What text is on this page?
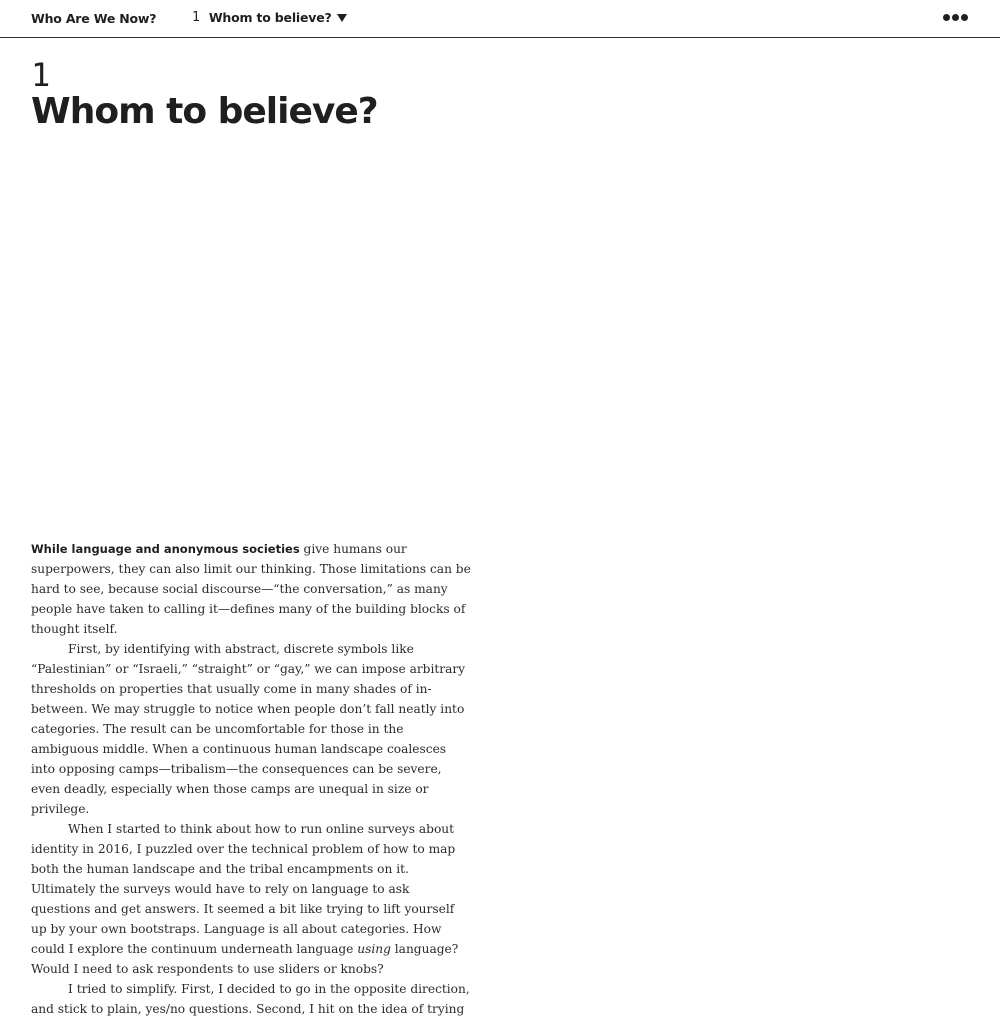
Who Are We Now?	1 Whom to believe?
1
Whom to believe?

While language and anonymous societies give humans our superpowers, they can also limit our thinking. Those limitations can be hard to see, because social discourse—“the conversation,” as many people have taken to calling it—defines many of the building blocks of thought itself.

First, by identifying with abstract, discrete symbols like “Palestinian” or “Israeli,” “straight” or “gay,” we can impose arbitrary thresholds on properties that usually come in many shades of in-between. We may struggle to notice when people don’t fall neatly into categories. The result can be uncomfortable for those in the ambiguous middle. When a continuous human landscape coalesces into opposing camps—tribalism—the consequences can be severe, even deadly, especially when those camps are unequal in size or privilege.

When I started to think about how to run online surveys about identity in 2016, I puzzled over the technical problem of how to map both the human landscape and the tribal encampments on it. Ultimately the surveys would have to rely on language to ask questions and get answers. It seemed a bit like trying to lift yourself up by your own bootstraps. Language is all about categories. How could I explore the continuum underneath language using language? Would I need to ask respondents to use sliders or knobs?

I tried to simplify. First, I decided to go in the opposite direction, and stick to plain, yes/no questions. Second, I hit on the idea of trying
